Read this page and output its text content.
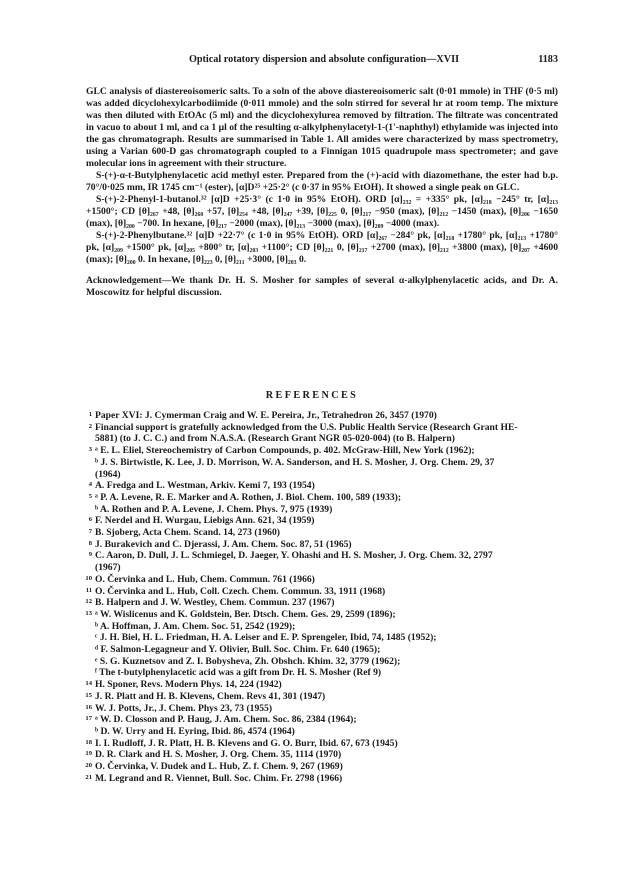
Optical rotatory dispersion and absolute configuration—XVII	1183

GLC analysis of diastereoisomeric salts. To a soln of the above diastereoisomeric salt (0·01 mmole) in THF (0·5 ml) was added dicyclohexylcarbodiimide (0·011 mmole) and the soln stirred for several hr at room temp. The mixture was then diluted with EtOAc (5 ml) and the dicyclohexylurea removed by filtration. The filtrate was concentrated in vacuo to about 1 ml, and ca 1 μl of the resulting α-alkylphenylacetyl-1-(1'-naphthyl) ethylamide was injected into the gas chromatograph. Results are summarised in Table 1. All amides were characterized by mass spectrometry, using a Varian 600-D gas chromatograph coupled to a Finnigan 1015 quadrupole mass spectrometer; and gave molecular ions in agreement with their structure.

S-(+)-α-t-Butylphenylacetic acid methyl ester. Prepared from the (+)-acid with diazomethane, the ester had b.p. 70°/0·025 mm, IR 1745 cm⁻¹ (ester), [α]D²⁵ +25·2° (c 0·37 in 95% EtOH). It showed a single peak on GLC.

S-(+)-2-Phenyl-1-butanol.³² [α]D +25·3° (c 1·0 in 95% EtOH). ORD [α]₂₃₂ = +335° pk, [α]₂₁₈ −245° tr, [α]₂₁₃ +1500°; CD [θ]₂₆₇ +48, [θ]₂₆₀ +57, [θ]₂₅₄ +48, [θ]₂₄₇ +39, [θ]₂₂₅ 0, [θ]₂₁₇ −950 (max), [θ]₂₁₂ −1450 (max), [θ]₂₀₆ −1650 (max), [θ]₂₀₀ −700. In hexane, [θ]₂₁₇ −2000 (max), [θ]₂₁₃ −3000 (max), [θ]₂₀₉ −4000 (max).

S-(+)-2-Phenylbutane.³² [α]D +22·7° (c 1·0 in 95% EtOH). ORD [α]₂₆₇ −284° pk, [α]₂₁₈ +1780° pk, [α]₂₁₃ +1780° pk, [α]₂₀₉ +1500° pk, [α]₂₀₅ +800° tr, [α]₂₀₃ +1100°; CD [θ]₂₂₁ 0, [θ]₂₁₇ +2700 (max), [θ]₂₁₂ +3800 (max), [θ]₂₀₇ +4600 (max); [θ]₂₀₀ 0. In hexane, [θ]₂₂₃ 0, [θ]₂₁₁ +3000, [θ]₂₀₃ 0.

Acknowledgement—We thank Dr. H. S. Mosher for samples of several α-alkylphenylacetic acids, and Dr. A. Moscowitz for helpful discussion.

REFERENCES
1 Paper XVI: J. Cymerman Craig and W. E. Pereira, Jr., Tetrahedron 26, 3457 (1970)
2 Financial support is gratefully acknowledged from the U.S. Public Health Service (Research Grant HE-
5881) (to J. C. C.) and from N.A.S.A. (Research Grant NGR 05-020-004) (to B. Halpern)
3 ᵃ E. L. Eliel, Stereochemistry of Carbon Compounds, p. 402. McGraw-Hill, New York (1962);
ᵇ J. S. Birtwistle, K. Lee, J. D. Morrison, W. A. Sanderson, and H. S. Mosher, J. Org. Chem. 29, 37
(1964)
4 A. Fredga and L. Westman, Arkiv. Kemi 7, 193 (1954)
5 ᵃ P. A. Levene, R. E. Marker and A. Rothen, J. Biol. Chem. 100, 589 (1933);
ᵇ A. Rothen and P. A. Levene, J. Chem. Phys. 7, 975 (1939)
6 F. Nerdel and H. Wurgau, Liebigs Ann. 621, 34 (1959)
7 B. Sjoberg, Acta Chem. Scand. 14, 273 (1960)
8 J. Burakevich and C. Djerassi, J. Am. Chem. Soc. 87, 51 (1965)
9 C. Aaron, D. Dull, J. L. Schmiegel, D. Jaeger, Y. Ohashi and H. S. Mosher, J. Org. Chem. 32, 2797
(1967)
10 O. Červinka and L. Hub, Chem. Commun. 761 (1966)
11 O. Červinka and L. Hub, Coll. Czech. Chem. Commun. 33, 1911 (1968)
12 B. Halpern and J. W. Westley, Chem. Commun. 237 (1967)
13 ᵃ W. Wislicenus and K. Goldstein, Ber. Dtsch. Chem. Ges. 29, 2599 (1896);
ᵇ A. Hoffman, J. Am. Chem. Soc. 51, 2542 (1929);
ᶜ J. H. Biel, H. L. Friedman, H. A. Leiser and E. P. Sprengeler, Ibid, 74, 1485 (1952);
ᵈ F. Salmon-Legagneur and Y. Olivier, Bull. Soc. Chim. Fr. 640 (1965);
ᵉ S. G. Kuznetsov and Z. I. Bobysheva, Zh. Obshch. Khim. 32, 3779 (1962);
ᶠ The t-butylphenylacetic acid was a gift from Dr. H. S. Mosher (Ref 9)
14 H. Sponer, Revs. Modern Phys. 14, 224 (1942)
15 J. R. Platt and H. B. Klevens, Chem. Revs 41, 301 (1947)
16 W. J. Potts, Jr., J. Chem. Phys 23, 73 (1955)
17 ᵃ W. D. Closson and P. Haug, J. Am. Chem. Soc. 86, 2384 (1964);
ᵇ D. W. Urry and H. Eyring, Ibid. 86, 4574 (1964)
18 I. I. Rudloff, J. R. Platt, H. B. Klevens and G. O. Burr, Ibid. 67, 673 (1945)
19 D. R. Clark and H. S. Mosher, J. Org. Chem. 35, 1114 (1970)
20 O. Červinka, V. Dudek and L. Hub, Z. f. Chem. 9, 267 (1969)
21 M. Legrand and R. Viennet, Bull. Soc. Chim. Fr. 2798 (1966)
